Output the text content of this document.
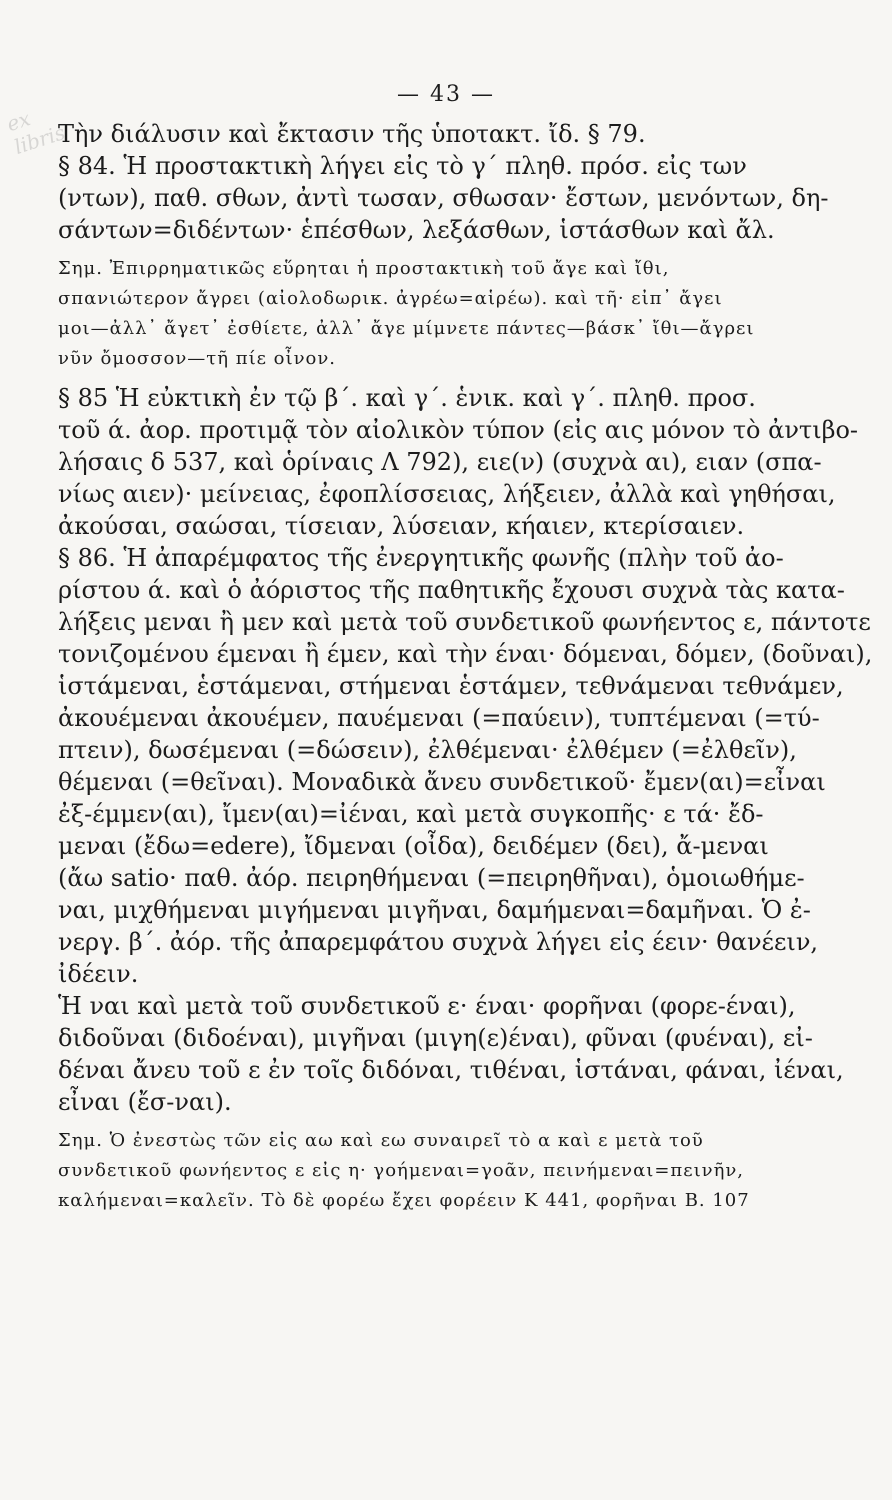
ex libris
— 43 —
Τὴν διάλυσιν καὶ ἔκτασιν τῆς ὑποτακτ. ἴδ. § 79.
§ 84. Ἡ προστακτικὴ λήγει εἰς τὸ γ´ πληθ. πρόσ. εἰς των
(ντων), παθ. σθων, ἀντὶ τωσαν, σθωσαν· ἔστων, μενόντων, δη-
σάντων=διδέντων· ἑπέσθων, λεξάσθων, ἱστάσθων καὶ ἄλ.
Σημ. Ἐπιρρηματικῶς εὕρηται ἡ προστακτικὴ τοῦ ἄγε καὶ ἴθι,
σπανιώτερον ἄγρει (αἰολοδωρικ. ἀγρέω=αἱρέω). καὶ τῆ· εἰπ᾽ ἄγει
μοι—ἀλλ᾽ ἄγετ᾽ ἐσθίετε, ἀλλ᾽ ἄγε μίμνετε πάντες—βάσκ᾽ ἴθι—ἄγρει
νῦν ὄμοσσον—τῆ πίε οἶνον.
§ 85 Ἡ εὐκτικὴ ἐν τῷ β´. καὶ γ´. ἑνικ. καὶ γ´. πληθ. προσ.
τοῦ ά. ἀορ. προτιμᾷ τὸν αἰολικὸν τύπον (εἰς αις μόνον τὸ ἀντιβο-
λήσαις δ 537, καὶ ὁρίναις Λ 792), ειε(ν) (συχνὰ αι), ειαν (σπα-
νίως αιεν)· μείνειας, ἐφοπλίσσειας, λήξειεν, ἀλλὰ καὶ γηθήσαι,
ἀκούσαι, σαώσαι, τίσειαν, λύσειαν, κήαιεν, κτερίσαιεν.
§ 86. Ἡ ἀπαρέμφατος τῆς ἐνεργητικῆς φωνῆς (πλὴν τοῦ ἀο-
ρίστου ά. καὶ ὁ ἀόριστος τῆς παθητικῆς ἔχουσι συχνὰ τὰς κατα-
λήξεις μεναι ἢ μεν καὶ μετὰ τοῦ συνδετικοῦ φωνήεντος ε, πάντοτε
τονιζομένου έμεναι ἢ έμεν, καὶ τὴν έναι· δόμεναι, δόμεν, (δοῦναι),
ἱστάμεναι, ἑστάμεναι, στήμεναι ἑστάμεν, τεθνάμεναι τεθνάμεν,
ἀκουέμεναι ἀκουέμεν, παυέμεναι (=παύειν), τυπτέμεναι (=τύ-
πτειν), δωσέμεναι (=δώσειν), ἐλθέμεναι· ἐλθέμεν (=ἐλθεῖν),
θέμεναι (=θεῖναι). Μοναδικὰ ἄνευ συνδετικοῦ· ἔμεν(αι)=εἶναι
ἐξ-έμμεν(αι), ἴμεν(αι)=ἰέναι, καὶ μετὰ συγκοπῆς· ε τά· ἔδ-
μεναι (ἔδω=edere), ἴδμεναι (οἶδα), δειδέμεν (δει), ἄ-μεναι
(ἄω satio· παθ. ἀόρ. πειρηθήμεναι (=πειρηθῆναι), ὁμοιωθήμε-
ναι, μιχθήμεναι μιγήμεναι μιγῆναι, δαμήμεναι=δαμῆναι. Ὁ ἐ-
νεργ. β´. ἀόρ. τῆς ἀπαρεμφάτου συχνὰ λήγει εἰς έειν· θανέειν,
ἰδέειν.
Ἡ ναι καὶ μετὰ τοῦ συνδετικοῦ ε· έναι· φορῆναι (φορε-έναι),
διδοῦναι (διδοέναι), μιγῆναι (μιγη(ε)έναι), φῦναι (φυέναι), εἰ-
δέναι ἄνευ τοῦ ε ἐν τοῖς διδόναι, τιθέναι, ἱστάναι, φάναι, ἰέναι,
εἶναι (ἔσ-ναι).
Σημ. Ὁ ἐνεστὼς τῶν εἰς αω καὶ εω συναιρεῖ τὸ α καὶ ε μετὰ τοῦ
συνδετικοῦ φωνήεντος ε εἰς η· γοήμεναι=γοᾶν, πεινήμεναι=πεινῆν,
καλήμεναι=καλεῖν. Τὸ δὲ φορέω ἔχει φορέειν Κ 441, φορῆναι Β. 107
